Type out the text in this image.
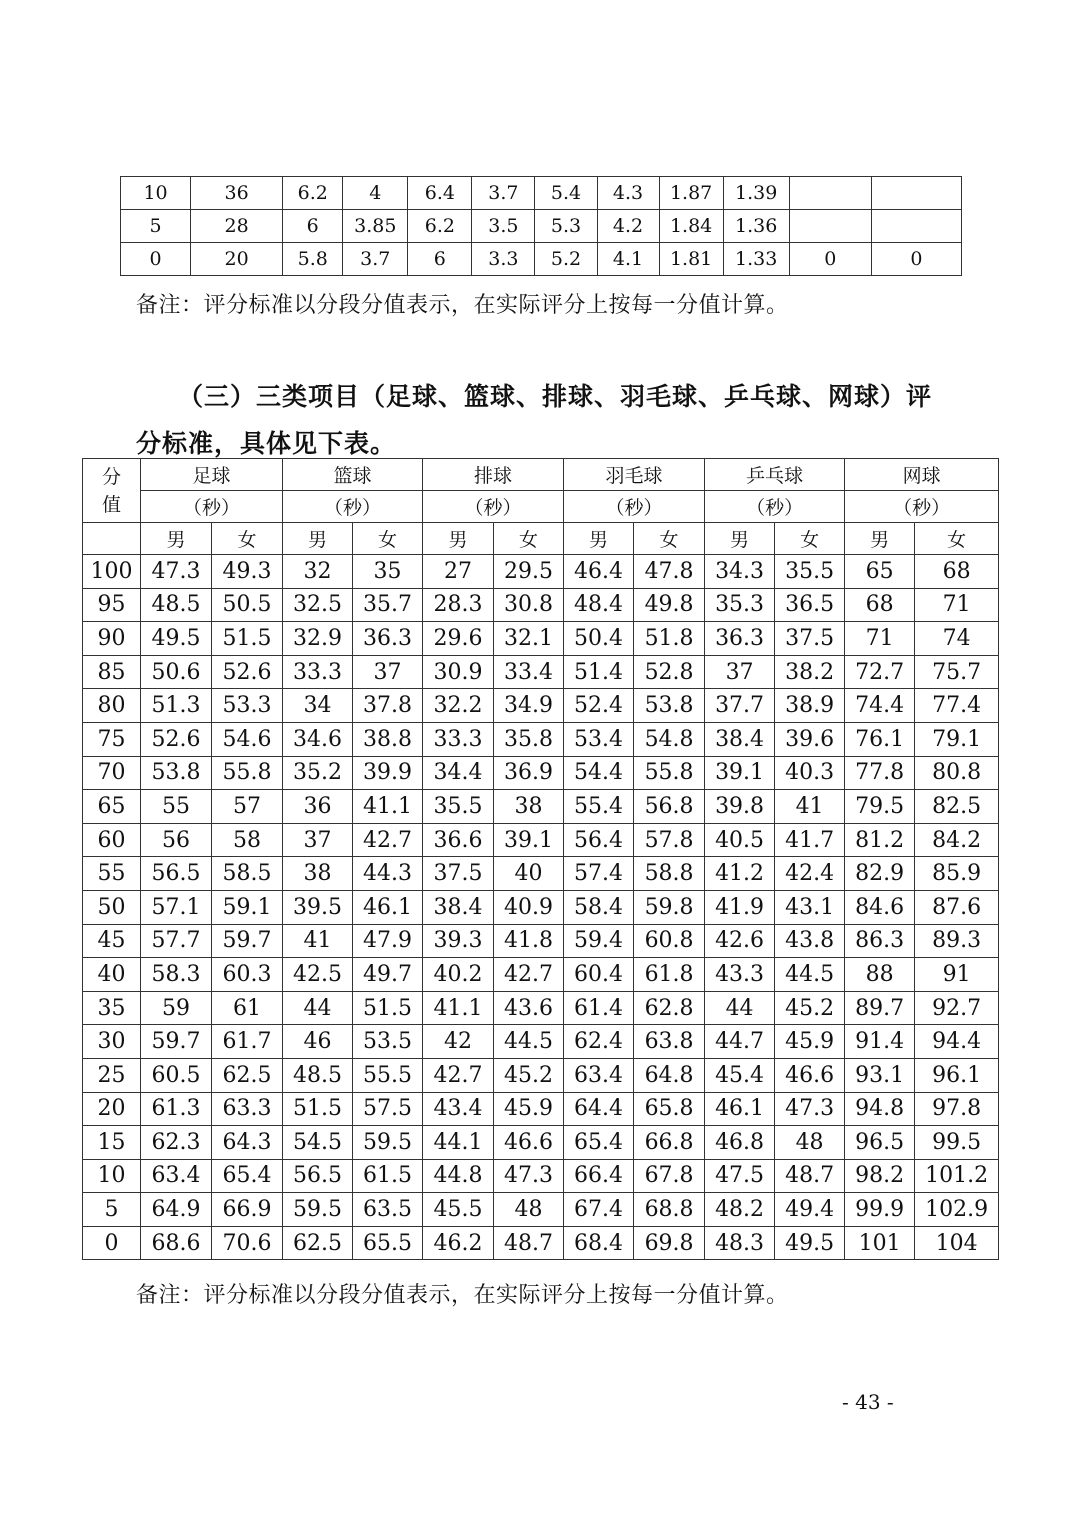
10	36	6.2	4	6.4	3.7	5.4	4.3	1.87	1.39		
5	28	6	3.85	6.2	3.5	5.3	4.2	1.84	1.36		
0	20	5.8	3.7	6	3.3	5.2	4.1	1.81	1.33	0	0
备注：评分标准以分段分值表示，在实际评分上按每一分值计算。
（三）三类项目（足球、篮球、排球、羽毛球、乒乓球、网球）评
分标准，具体见下表。
分
值	足球		篮球		排球		羽毛球		乒乓球		网球	
	（秒）		（秒）		（秒）		（秒）		（秒）		（秒）	
	男	女	男	女	男	女	男	女	男	女	男	女
100	47.3	49.3	32	35	27	29.5	46.4	47.8	34.3	35.5	65	68
95	48.5	50.5	32.5	35.7	28.3	30.8	48.4	49.8	35.3	36.5	68	71
90	49.5	51.5	32.9	36.3	29.6	32.1	50.4	51.8	36.3	37.5	71	74
85	50.6	52.6	33.3	37	30.9	33.4	51.4	52.8	37	38.2	72.7	75.7
80	51.3	53.3	34	37.8	32.2	34.9	52.4	53.8	37.7	38.9	74.4	77.4
75	52.6	54.6	34.6	38.8	33.3	35.8	53.4	54.8	38.4	39.6	76.1	79.1
70	53.8	55.8	35.2	39.9	34.4	36.9	54.4	55.8	39.1	40.3	77.8	80.8
65	55	57	36	41.1	35.5	38	55.4	56.8	39.8	41	79.5	82.5
60	56	58	37	42.7	36.6	39.1	56.4	57.8	40.5	41.7	81.2	84.2
55	56.5	58.5	38	44.3	37.5	40	57.4	58.8	41.2	42.4	82.9	85.9
50	57.1	59.1	39.5	46.1	38.4	40.9	58.4	59.8	41.9	43.1	84.6	87.6
45	57.7	59.7	41	47.9	39.3	41.8	59.4	60.8	42.6	43.8	86.3	89.3
40	58.3	60.3	42.5	49.7	40.2	42.7	60.4	61.8	43.3	44.5	88	91
35	59	61	44	51.5	41.1	43.6	61.4	62.8	44	45.2	89.7	92.7
30	59.7	61.7	46	53.5	42	44.5	62.4	63.8	44.7	45.9	91.4	94.4
25	60.5	62.5	48.5	55.5	42.7	45.2	63.4	64.8	45.4	46.6	93.1	96.1
20	61.3	63.3	51.5	57.5	43.4	45.9	64.4	65.8	46.1	47.3	94.8	97.8
15	62.3	64.3	54.5	59.5	44.1	46.6	65.4	66.8	46.8	48	96.5	99.5
10	63.4	65.4	56.5	61.5	44.8	47.3	66.4	67.8	47.5	48.7	98.2	101.2
5	64.9	66.9	59.5	63.5	45.5	48	67.4	68.8	48.2	49.4	99.9	102.9
0	68.6	70.6	62.5	65.5	46.2	48.7	68.4	69.8	48.3	49.5	101	104
备注：评分标准以分段分值表示，在实际评分上按每一分值计算。
- 43 -
